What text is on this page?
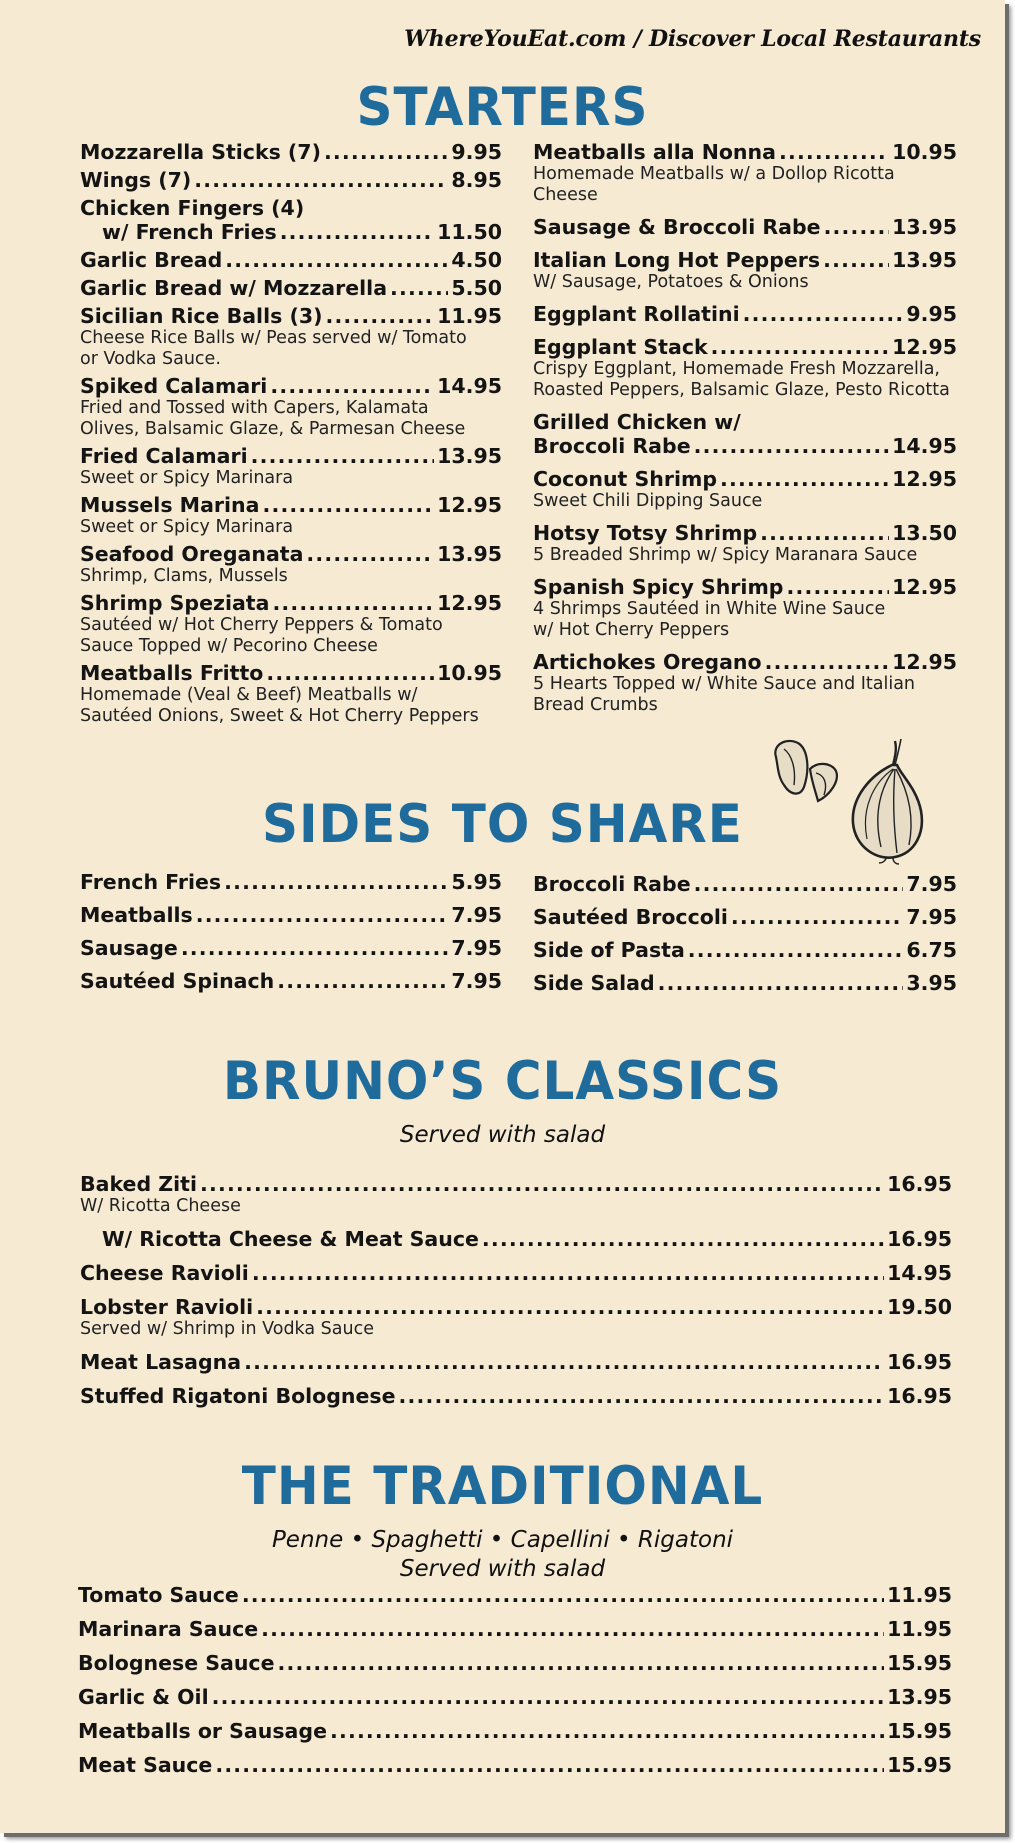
WhereYouEat.com / Discover Local Restaurants
STARTERS
Mozzarella Sticks (7) .....	9.95
Wings (7) .....	8.95
Chicken Fingers (4)
w/ French Fries .....	11.50
Garlic Bread .....	4.50
Garlic Bread w/ Mozzarella .....	5.50
Sicilian Rice Balls (3) .....	11.95
Cheese Rice Balls w/ Peas served w/ Tomato
or Vodka Sauce.
Spiked Calamari .....	14.95
Fried and Tossed with Capers, Kalamata
Olives, Balsamic Glaze, & Parmesan Cheese
Fried Calamari .....	13.95
Sweet or Spicy Marinara
Mussels Marina .....	12.95
Sweet or Spicy Marinara
Seafood Oreganata .....	13.95
Shrimp, Clams, Mussels
Shrimp Speziata .....	12.95
Sautéed w/ Hot Cherry Peppers & Tomato
Sauce Topped w/ Pecorino Cheese
Meatballs Fritto .....	10.95
Homemade (Veal & Beef) Meatballs w/
Sautéed Onions, Sweet & Hot Cherry Peppers
Meatballs alla Nonna .....	10.95
Homemade Meatballs w/ a Dollop Ricotta Cheese
Sausage & Broccoli Rabe .....	13.95
Italian Long Hot Peppers .....	13.95
W/ Sausage, Potatoes & Onions
Eggplant Rollatini .....	9.95
Eggplant Stack .....	12.95
Crispy Eggplant, Homemade Fresh Mozzarella,
Roasted Peppers, Balsamic Glaze, Pesto Ricotta
Grilled Chicken w/
Broccoli Rabe .....	14.95
Coconut Shrimp .....	12.95
Sweet Chili Dipping Sauce
Hotsy Totsy Shrimp .....	13.50
5 Breaded Shrimp w/ Spicy Maranara Sauce
Spanish Spicy Shrimp .....	12.95
4 Shrimps Sautéed in White Wine Sauce
w/ Hot Cherry Peppers
Artichokes Oregano .....	12.95
5 Hearts Topped w/ White Sauce and Italian
Bread Crumbs
SIDES TO SHARE
French Fries .....	5.95
Meatballs .....	7.95
Sausage .....	7.95
Sautéed Spinach .....	7.95
Broccoli Rabe .....	7.95
Sautéed Broccoli .....	7.95
Side of Pasta .....	6.75
Side Salad .....	3.95
BRUNO’S CLASSICS
Served with salad
Baked Ziti .....	16.95
W/ Ricotta Cheese
W/ Ricotta Cheese & Meat Sauce .....	16.95
Cheese Ravioli .....	14.95
Lobster Ravioli .....	19.50
Served w/ Shrimp in Vodka Sauce
Meat Lasagna .....	16.95
Stuffed Rigatoni Bolognese .....	16.95
THE TRADITIONAL
Penne • Spaghetti • Capellini • Rigatoni
Served with salad
Tomato Sauce .....	11.95
Marinara Sauce .....	11.95
Bolognese Sauce .....	15.95
Garlic & Oil .....	13.95
Meatballs or Sausage .....	15.95
Meat Sauce .....	15.95
